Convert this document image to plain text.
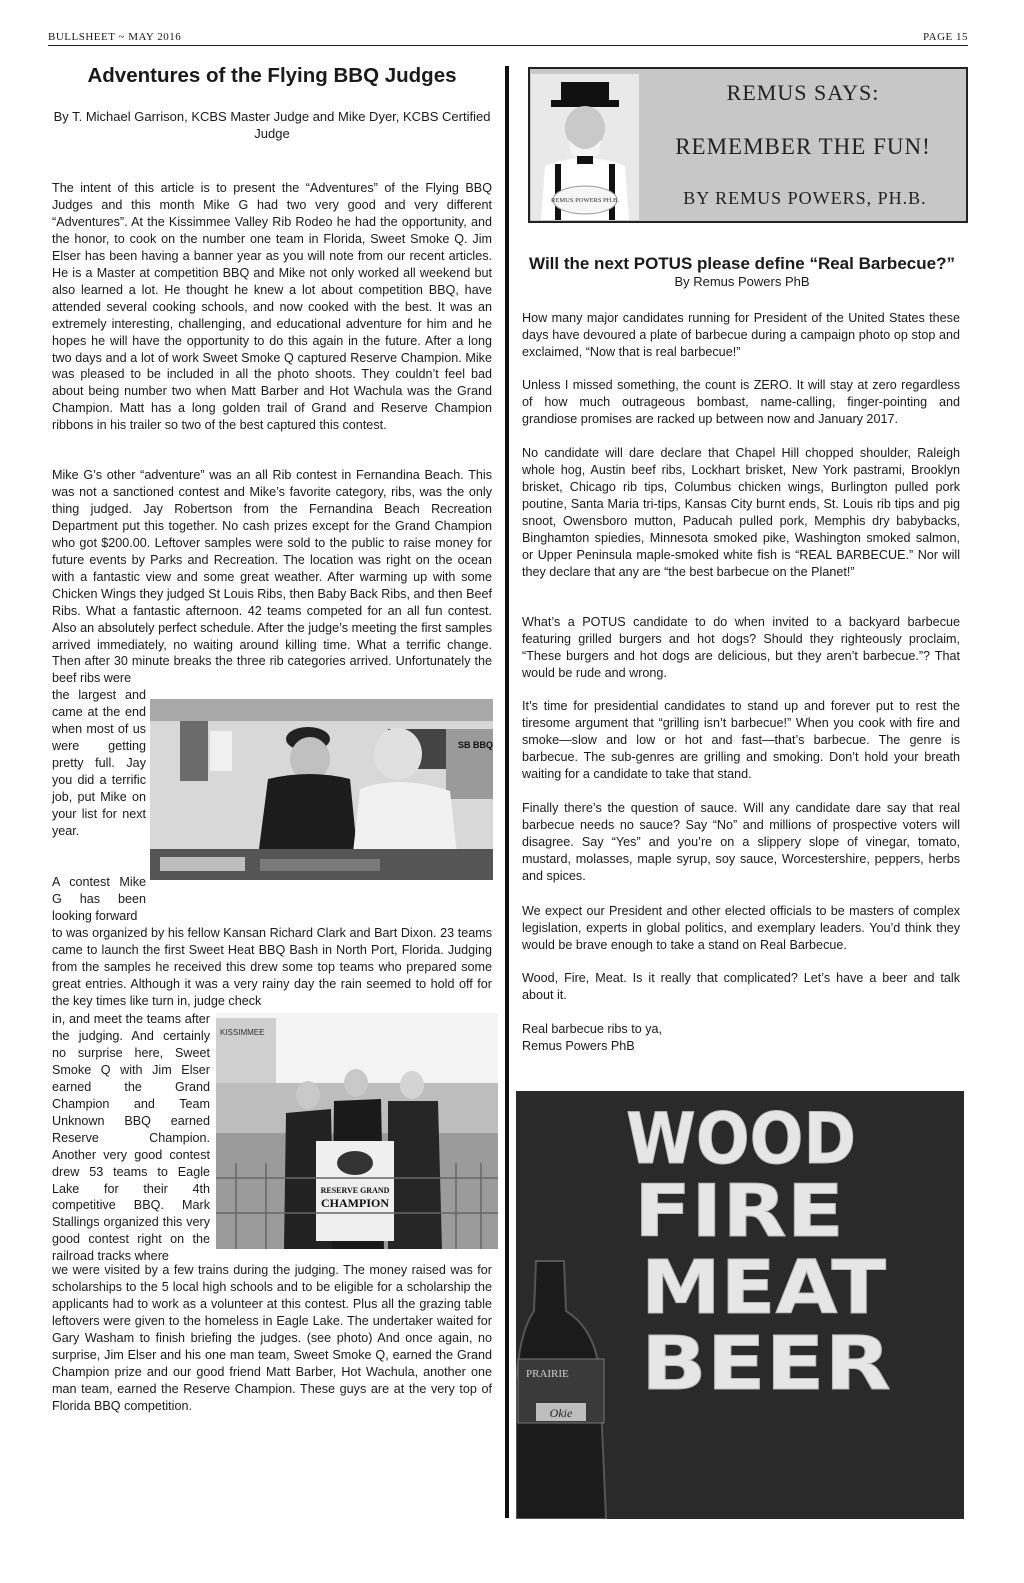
BULLSHEET ~ MAY 2016	PAGE 15
Adventures of the Flying BBQ Judges
By T. Michael Garrison, KCBS Master Judge and Mike Dyer, KCBS Certified Judge

The intent of this article is to present the “Adventures” of the Flying BBQ Judges and this month Mike G had two very good and very different “Adventures”. At the Kissimmee Valley Rib Rodeo he had the opportunity, and the honor, to cook on the number one team in Florida, Sweet Smoke Q. Jim Elser has been having a banner year as you will note from our recent articles. He is a Master at competition BBQ and Mike not only worked all weekend but also learned a lot. He thought he knew a lot about competition BBQ, have attended several cooking schools, and now cooked with the best. It was an extremely interesting, challenging, and educational adventure for him and he hopes he will have the opportunity to do this again in the future. After a long two days and a lot of work Sweet Smoke Q captured Reserve Champion. Mike was pleased to be included in all the photo shoots. They couldn’t feel bad about being number two when Matt Barber and Hot Wachula was the Grand Champion. Matt has a long golden trail of Grand and Reserve Champion ribbons in his trailer so two of the best captured this contest.

Mike G’s other “adventure” was an all Rib contest in Fernandina Beach. This was not a sanctioned contest and Mike’s favorite category, ribs, was the only thing judged. Jay Robertson from the Fernandina Beach Recreation Department put this together. No cash prizes except for the Grand Champion who got $200.00. Leftover samples were sold to the public to raise money for future events by Parks and Recreation. The location was right on the ocean with a fantastic view and some great weather. After warming up with some Chicken Wings they judged St Louis Ribs, then Baby Back Ribs, and then Beef Ribs. What a fantastic afternoon. 42 teams competed for an all fun contest. Also an absolutely perfect schedule. After the judge’s meeting the first samples arrived immediately, no waiting around killing time. What a terrific change. Then after 30 minute breaks the three rib categories arrived. Unfortunately the beef ribs were

the largest and came at the end when most of us were getting pretty full. Jay you did a terrific job, put Mike on your list for next year.

SB BBQ

A contest Mike G has been looking forward

to was organized by his fellow Kansan Richard Clark and Bart Dixon. 23 teams came to launch the first Sweet Heat BBQ Bash in North Port, Florida. Judging from the samples he received this drew some top teams who prepared some great entries. Although it was a very rainy day the rain seemed to hold off for the key times like turn in, judge check

KISSIMMEE
RESERVE GRAND
CHAMPION

in, and meet the teams after the judging. And certainly no surprise here, Sweet Smoke Q with Jim Elser earned the Grand Champion and Team Unknown BBQ earned Reserve Champion. Another very good contest drew 53 teams to Eagle Lake for their 4th competitive BBQ. Mark Stallings organized this very good contest right on the railroad tracks where

we were visited by a few trains during the judging. The money raised was for scholarships to the 5 local high schools and to be eligible for a scholarship the applicants had to work as a volunteer at this contest. Plus all the grazing table leftovers were given to the homeless in Eagle Lake. The undertaker waited for Gary Washam to finish briefing the judges. (see photo) And once again, no surprise, Jim Elser and his one man team, Sweet Smoke Q, earned the Grand Champion prize and our good friend Matt Barber, Hot Wachula, another one man team, earned the Reserve Champion. These guys are at the very top of Florida BBQ competition.

REMUS POWERS PH.B.
REMUS SAYS:
REMEMBER THE FUN!
BY REMUS POWERS, PH.B.
Will the next POTUS please define “Real Barbecue?”
By Remus Powers PhB

How many major candidates running for President of the United States these days have devoured a plate of barbecue during a campaign photo op stop and exclaimed, “Now that is real barbecue!”

Unless I missed something, the count is ZERO. It will stay at zero regardless of how much outrageous bombast, name-calling, finger-pointing and grandiose promises are racked up between now and January 2017.

No candidate will dare declare that Chapel Hill chopped shoulder, Raleigh whole hog, Austin beef ribs, Lockhart brisket, New York pastrami, Brooklyn brisket, Chicago rib tips, Columbus chicken wings, Burlington pulled pork poutine, Santa Maria tri-tips, Kansas City burnt ends, St. Louis rib tips and pig snoot, Owensboro mutton, Paducah pulled pork, Memphis dry babybacks, Binghamton spiedies, Minnesota smoked pike, Washington smoked salmon, or Upper Peninsula maple-smoked white fish is “REAL BARBECUE.” Nor will they declare that any are “the best barbecue on the Planet!”

What’s a POTUS candidate to do when invited to a backyard barbecue featuring grilled burgers and hot dogs? Should they righteously proclaim, “These burgers and hot dogs are delicious, but they aren’t barbecue.”? That would be rude and wrong.

It’s time for presidential candidates to stand up and forever put to rest the tiresome argument that “grilling isn’t barbecue!” When you cook with fire and smoke—slow and low or hot and fast—that’s barbecue. The genre is barbecue. The sub-genres are grilling and smoking. Don’t hold your breath waiting for a candidate to take that stand.

Finally there’s the question of sauce. Will any candidate dare say that real barbecue needs no sauce? Say “No” and millions of prospective voters will disagree. Say “Yes” and you’re on a slippery slope of vinegar, tomato, mustard, molasses, maple syrup, soy sauce, Worcestershire, peppers, herbs and spices.

We expect our President and other elected officials to be masters of complex legislation, experts in global politics, and exemplary leaders. You’d think they would be brave enough to take a stand on Real Barbecue.

Wood, Fire, Meat. Is it really that complicated? Let’s have a beer and talk about it.

Real barbecue ribs to ya,
Remus Powers PhB

WOOD
FIRE
MEAT
BEER
PRAIRIE
Okie
